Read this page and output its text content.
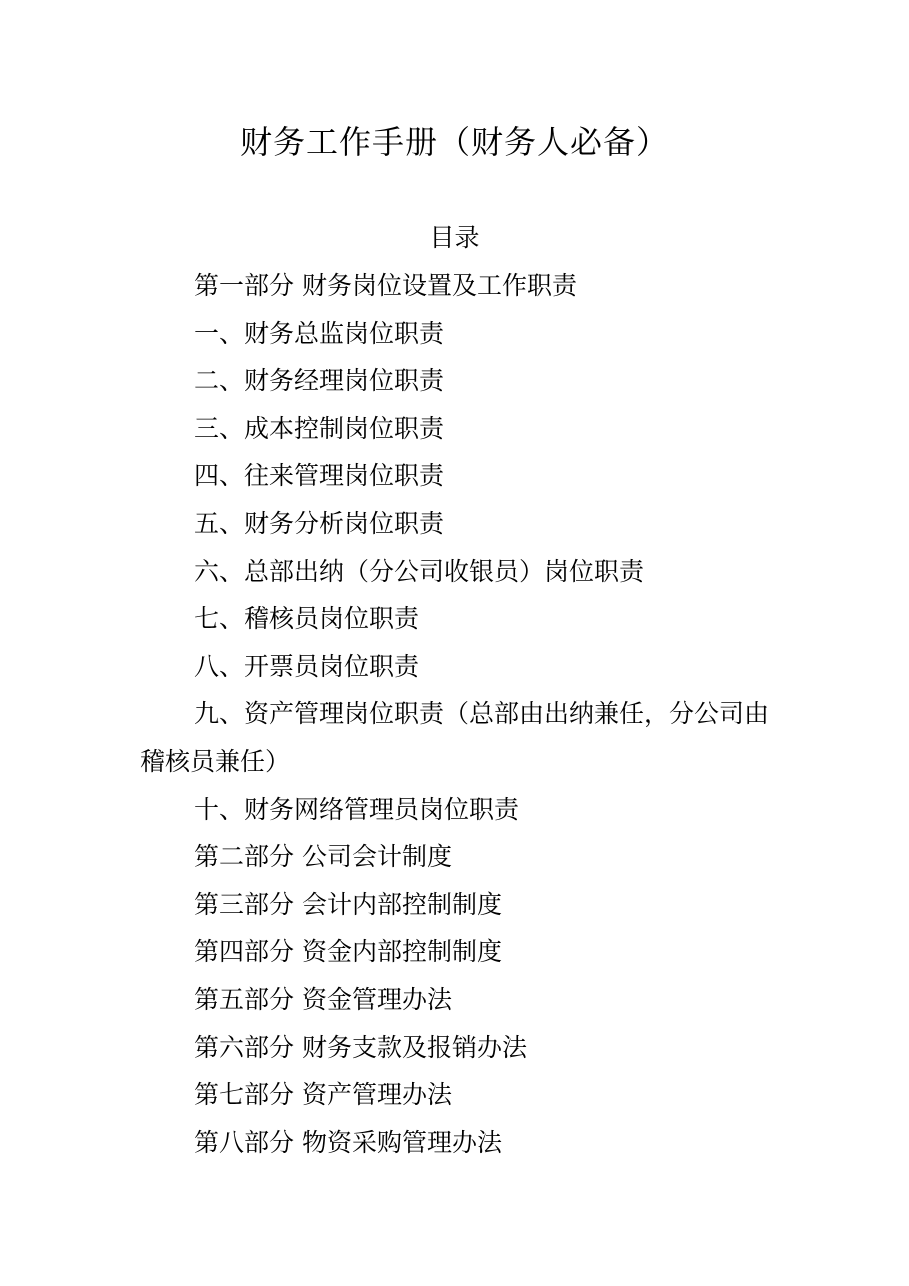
财务工作手册（财务人必备）
目录
第一部分 财务岗位设置及工作职责
一、财务总监岗位职责
二、财务经理岗位职责
三、成本控制岗位职责
四、往来管理岗位职责
五、财务分析岗位职责
六、总部出纳（分公司收银员）岗位职责
七、稽核员岗位职责
八、开票员岗位职责
九、资产管理岗位职责（总部由出纳兼任，分公司由稽核员兼任）
十、财务网络管理员岗位职责
第二部分 公司会计制度
第三部分 会计内部控制制度
第四部分 资金内部控制制度
第五部分 资金管理办法
第六部分 财务支款及报销办法
第七部分 资产管理办法
第八部分 物资采购管理办法
